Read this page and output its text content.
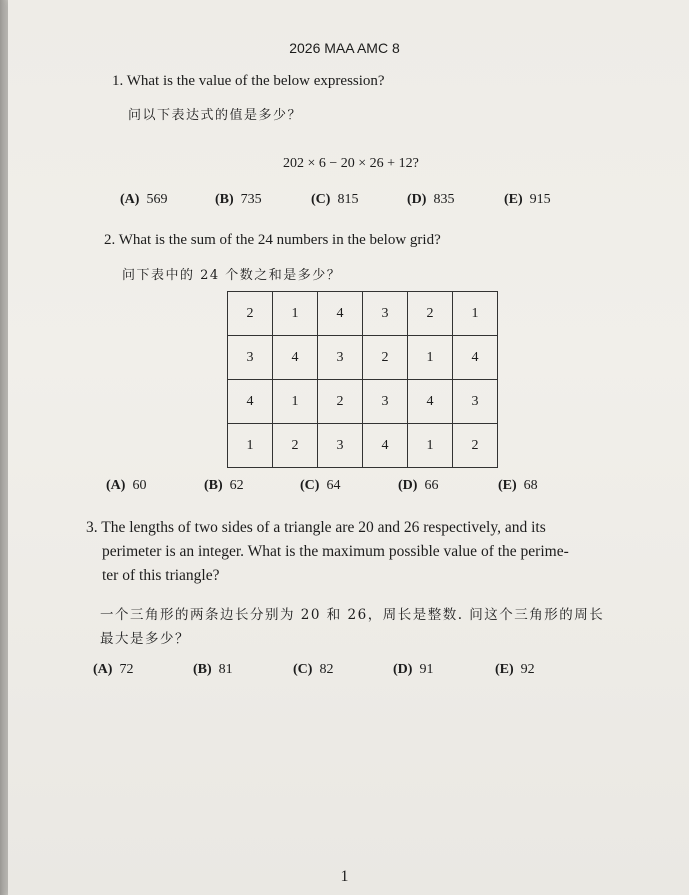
2026 MAA AMC 8
1. What is the value of the below expression?
问以下表达式的值是多少？
202 × 6 − 20 × 26 + 12?
(A) 569	(B) 735	(C) 815	(D) 835	(E) 915
2. What is the sum of the 24 numbers in the below grid?
问下表中的 24 个数之和是多少？
2	1	4	3	2	1
3	4	3	2	1	4
4	1	2	3	4	3
1	2	3	4	1	2
(A) 60	(B) 62	(C) 64	(D) 66	(E) 68
3. The lengths of two sides of a triangle are 20 and 26 respectively, and its
perimeter is an integer. What is the maximum possible value of the perime-
ter of this triangle?
一个三角形的两条边长分别为 20 和 26，周长是整数. 问这个三角形的周长
最大是多少？
(A) 72	(B) 81	(C) 82	(D) 91	(E) 92
1
